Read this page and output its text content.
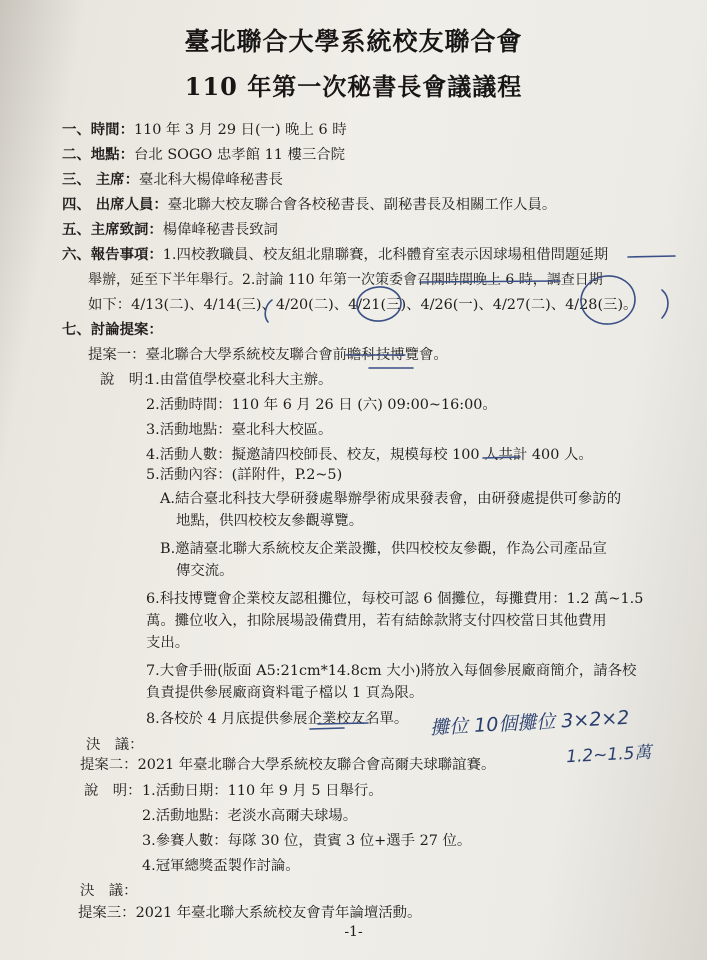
臺北聯合大學系統校友聯合會
110 年第一次秘書長會議議程
一、時間：110 年 3 月 29 日(一) 晚上 6 時
二、地點：台北 SOGO 忠孝館 11 樓三合院
三、 主席：臺北科大楊偉峰秘書長
四、 出席人員：臺北聯大校友聯合會各校秘書長、副秘書長及相關工作人員。
五、主席致詞：楊偉峰秘書長致詞
六、報告事項：1.四校教職員、校友組北鼎聯賽，北科體育室表示因球場租借問題延期
舉辦，延至下半年舉行。2.討論 110 年第一次策委會召開時間晚上 6 時，調查日期
如下：4/13(二)、4/14(三)、4/20(二)、4/21(三)、4/26(一)、4/27(二)、4/28(三)。
七、討論提案：
提案一：臺北聯合大學系統校友聯合會前瞻科技博覽會。
說　明：
1.由當值學校臺北科大主辦。
2.活動時間：110 年 6 月 26 日 (六) 09:00~16:00。
3.活動地點：臺北科大校區。
4.活動人數：擬邀請四校師長、校友，規模每校 100 人共計 400 人。
5.活動內容：(詳附件，P.2~5)
A.結合臺北科技大學研發處舉辦學術成果發表會，由研發處提供可參訪的
地點，供四校校友參觀導覽。
B.邀請臺北聯大系統校友企業設攤，供四校校友參觀，作為公司產品宣
傳交流。
6.科技博覽會企業校友認租攤位，每校可認 6 個攤位，每攤費用：1.2 萬~1.5
萬。攤位收入，扣除展場設備費用，若有結餘款將支付四校當日其他費用
支出。
7.大會手冊(版面 A5:21cm*14.8cm 大小)將放入每個參展廠商簡介，請各校
負責提供參展廠商資料電子檔以 1 頁為限。
8.各校於 4 月底提供參展企業校友名單。
決　議：
提案二：2021 年臺北聯合大學系統校友聯合會高爾夫球聯誼賽。
說　明： 1.活動日期：110 年 9 月 5 日舉行。
2.活動地點：老淡水高爾夫球場。
3.參賽人數：每隊 30 位，貴賓 3 位+選手 27 位。
4.冠軍總獎盃製作討論。
決　議：
提案三：2021 年臺北聯大系統校友會青年論壇活動。
-1-
攤位 10個攤位 3×2×2
1.2~1.5萬
